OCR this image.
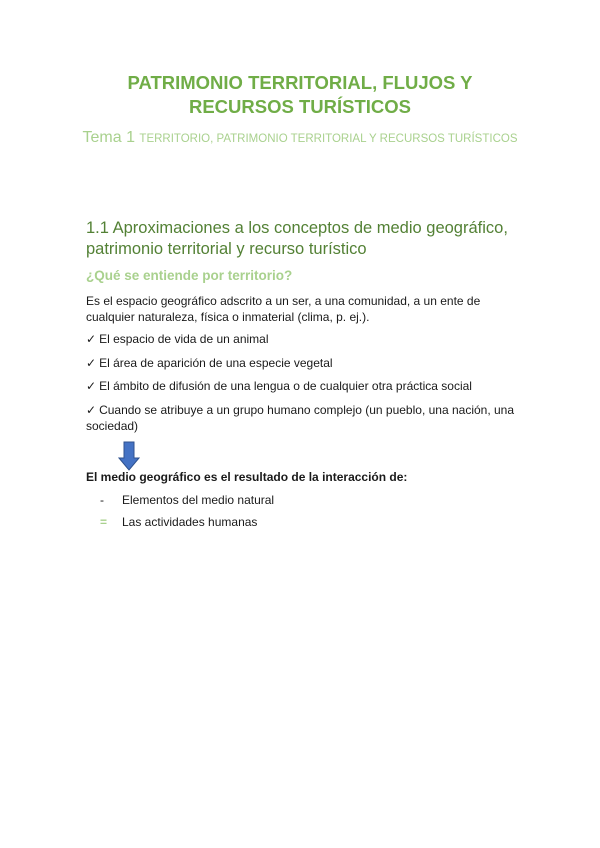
PATRIMONIO TERRITORIAL, FLUJOS Y
RECURSOS TURÍSTICOS

Tema 1 TERRITORIO, PATRIMONIO TERRITORIAL Y RECURSOS TURÍSTICOS

1.1 Aproximaciones a los conceptos de medio geográfico, patrimonio territorial y recurso turístico
¿Qué se entiende por territorio?

Es el espacio geográfico adscrito a un ser, a una comunidad, a un ente de cualquier naturaleza, física o inmaterial (clima, p. ej.).

✓ El espacio de vida de un animal

✓ El área de aparición de una especie vegetal

✓ El ámbito de difusión de una lengua o de cualquier otra práctica social

✓ Cuando se atribuye a un grupo humano complejo (un pueblo, una nación, una sociedad)

El medio geográfico es el resultado de la interacción de:

- Elementos del medio natural
= Las actividades humanas
